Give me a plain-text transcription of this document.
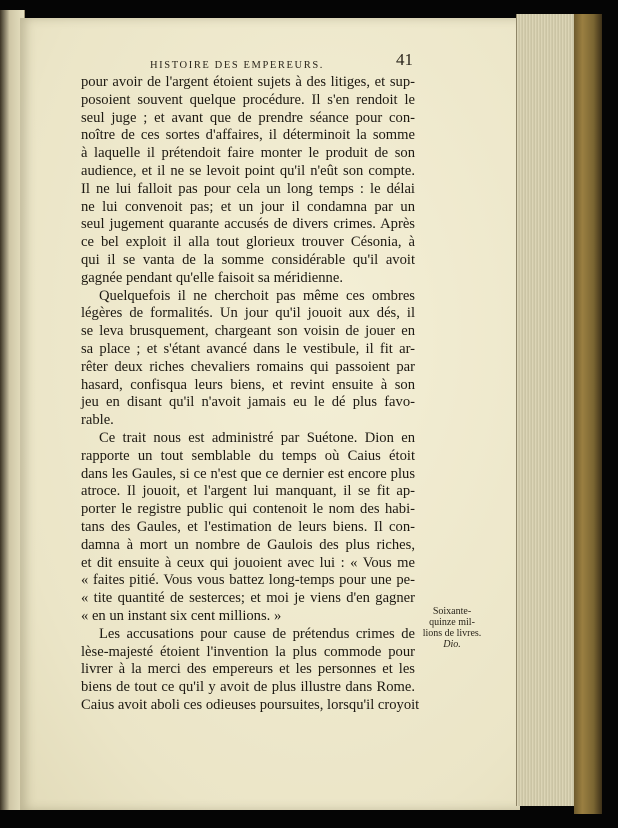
HISTOIRE DES EMPEREURS.	41
pour avoir de l'argent étoient sujets à des litiges, et sup-
posoient souvent quelque procédure. Il s'en rendoit le
seul juge ; et avant que de prendre séance pour con-
noître de ces sortes d'affaires, il déterminoit la somme
à laquelle il prétendoit faire monter le produit de son
audience, et il ne se levoit point qu'il n'eût son compte.
Il ne lui falloit pas pour cela un long temps : le délai
ne lui convenoit pas; et un jour il condamna par un
seul jugement quarante accusés de divers crimes. Après
ce bel exploit il alla tout glorieux trouver Césonia, à
qui il se vanta de la somme considérable qu'il avoit
gagnée pendant qu'elle faisoit sa méridienne.
Quelquefois il ne cherchoit pas même ces ombres
légères de formalités. Un jour qu'il jouoit aux dés, il
se leva brusquement, chargeant son voisin de jouer en
sa place ; et s'étant avancé dans le vestibule, il fit ar-
rêter deux riches chevaliers romains qui passoient par
hasard, confisqua leurs biens, et revint ensuite à son
jeu en disant qu'il n'avoit jamais eu le dé plus favo-
rable.
Ce trait nous est administré par Suétone. Dion en
rapporte un tout semblable du temps où Caius étoit
dans les Gaules, si ce n'est que ce dernier est encore plus
atroce. Il jouoit, et l'argent lui manquant, il se fit ap-
porter le registre public qui contenoit le nom des habi-
tans des Gaules, et l'estimation de leurs biens. Il con-
damna à mort un nombre de Gaulois des plus riches,
et dit ensuite à ceux qui jouoient avec lui : « Vous me
« faites pitié. Vous vous battez long-temps pour une pe-
« tite quantité de sesterces; et moi je viens d'en gagner
« en un instant six cent millions. »
Les accusations pour cause de prétendus crimes de
lèse-majesté étoient l'invention la plus commode pour
livrer à la merci des empereurs et les personnes et les
biens de tout ce qu'il y avoit de plus illustre dans Rome.
Caius avoit aboli ces odieuses poursuites, lorsqu'il croyoit
Soixante-
quinze mil-
lions de livres.
Dio.
